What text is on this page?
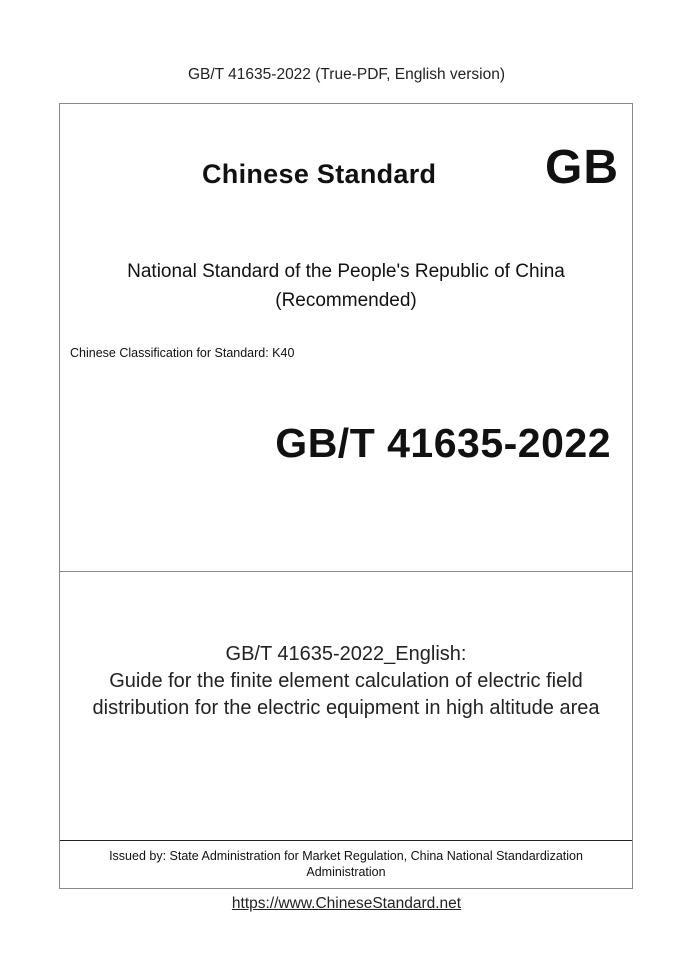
GB/T 41635-2022 (True-PDF, English version)
Chinese Standard GB
National Standard of the People's Republic of China
(Recommended)
Chinese Classification for Standard: K40
GB/T 41635-2022
GB/T 41635-2022_English:
Guide for the finite element calculation of electric field
distribution for the electric equipment in high altitude area
Issued by: State Administration for Market Regulation, China National Standardization
Administration
https://www.ChineseStandard.net
